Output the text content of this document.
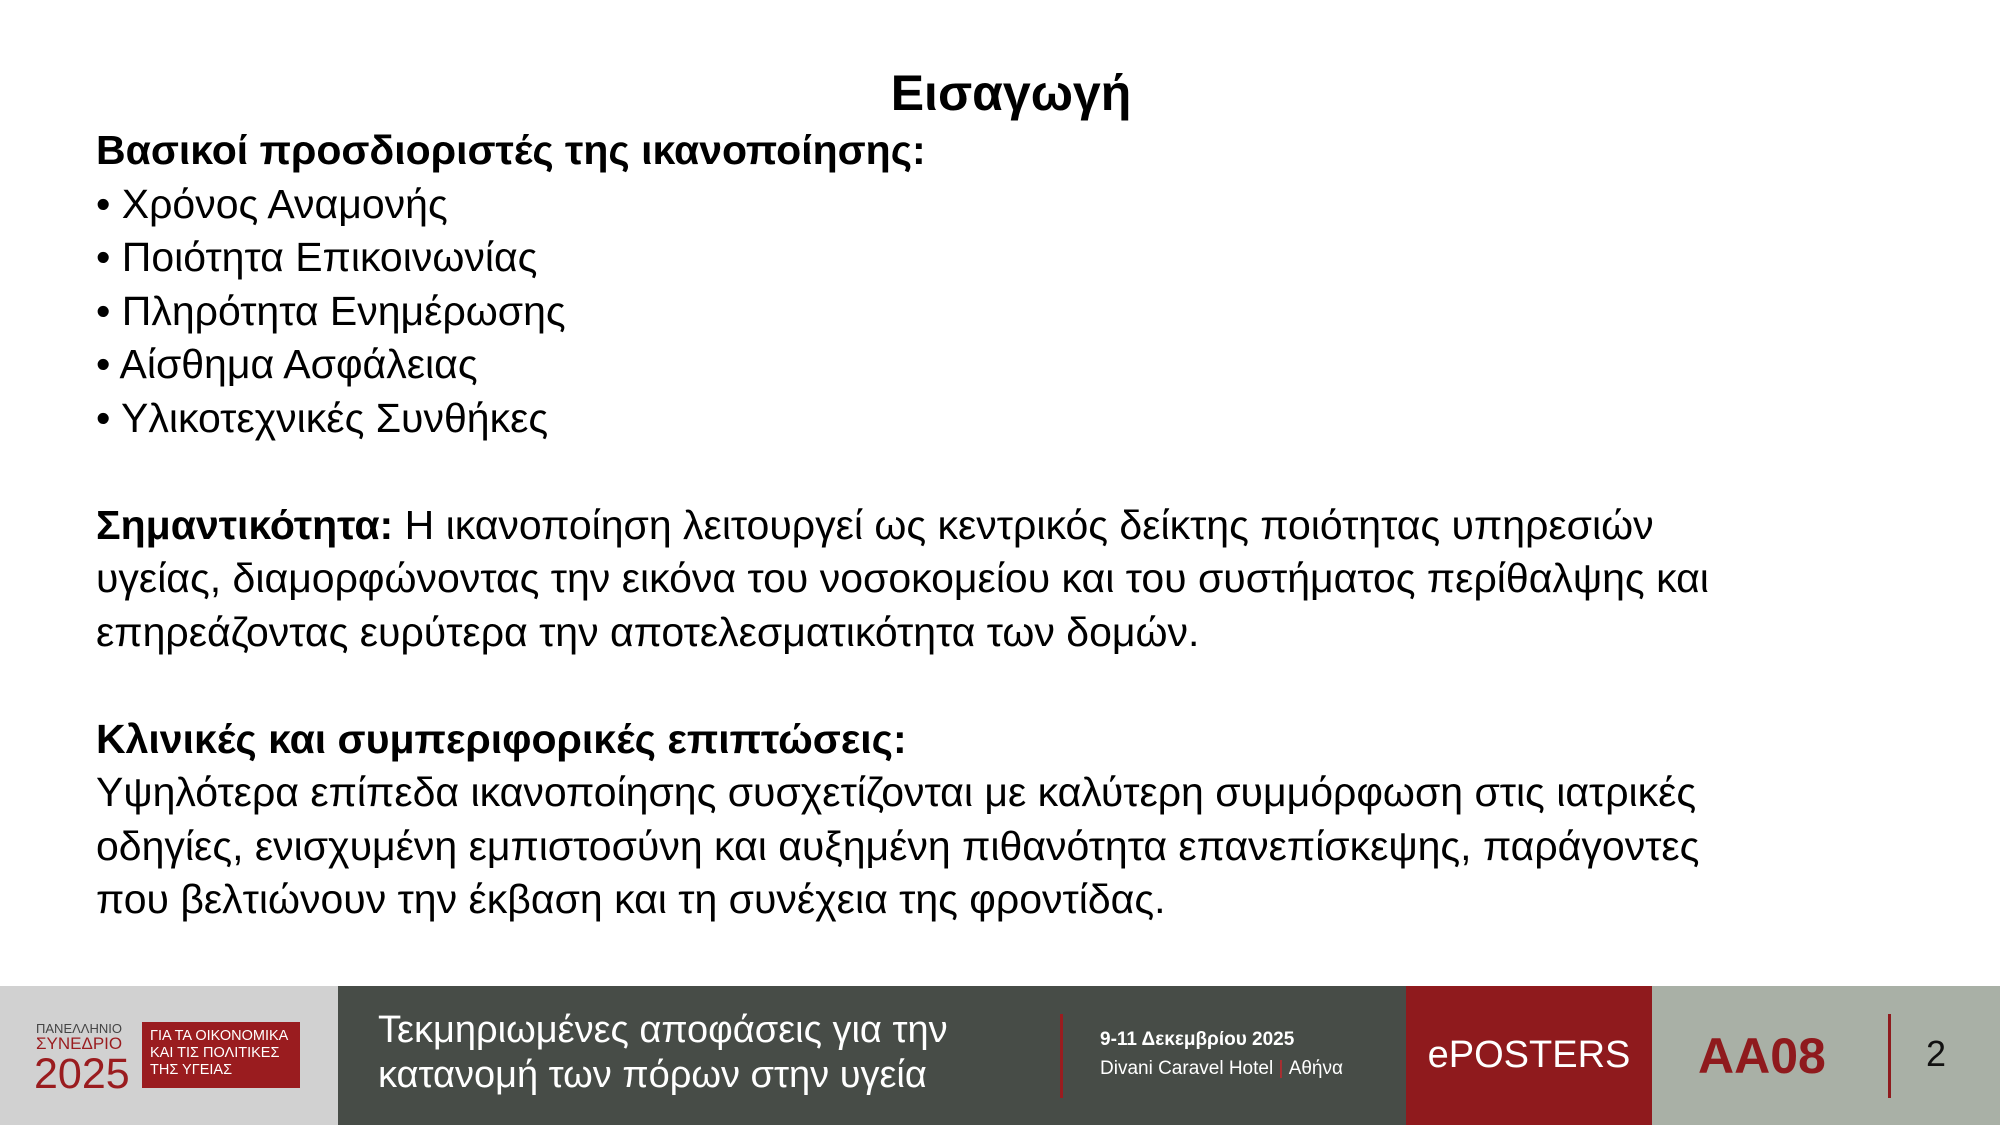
Εισαγωγή

Βασικοί προσδιοριστές της ικανοποίησης:

• Χρόνος Αναμονής

• Ποιότητα Επικοινωνίας

• Πληρότητα Ενημέρωσης

• Αίσθημα Ασφάλειας

• Υλικοτεχνικές Συνθήκες

Σημαντικότητα: Η ικανοποίηση λειτουργεί ως κεντρικός δείκτης ποιότητας υπηρεσιών

υγείας, διαμορφώνοντας την εικόνα του νοσοκομείου και του συστήματος περίθαλψης και

επηρεάζοντας ευρύτερα την αποτελεσματικότητα των δομών.

Κλινικές και συμπεριφορικές επιπτώσεις:

Υψηλότερα επίπεδα ικανοποίησης συσχετίζονται με καλύτερη συμμόρφωση στις ιατρικές

οδηγίες, ενισχυμένη εμπιστοσύνη και αυξημένη πιθανότητα επανεπίσκεψης, παράγοντες

που βελτιώνουν την έκβαση και τη συνέχεια της φροντίδας.

ΠΑΝΕΛΛΗΝΙΟ
ΣΥΝΕΔΡΙΟ
2025
ΓΙΑ ΤΑ ΟΙΚΟΝΟΜΙΚΑ
ΚΑΙ ΤΙΣ ΠΟΛΙΤΙΚΕΣ
ΤΗΣ ΥΓΕΙΑΣ
Τεκμηριωμένες αποφάσεις για την
κατανομή των πόρων στην υγεία
9-11 Δεκεμβρίου 2025
Divani Caravel Hotel | Αθήνα	ePOSTERS	AA08	2
